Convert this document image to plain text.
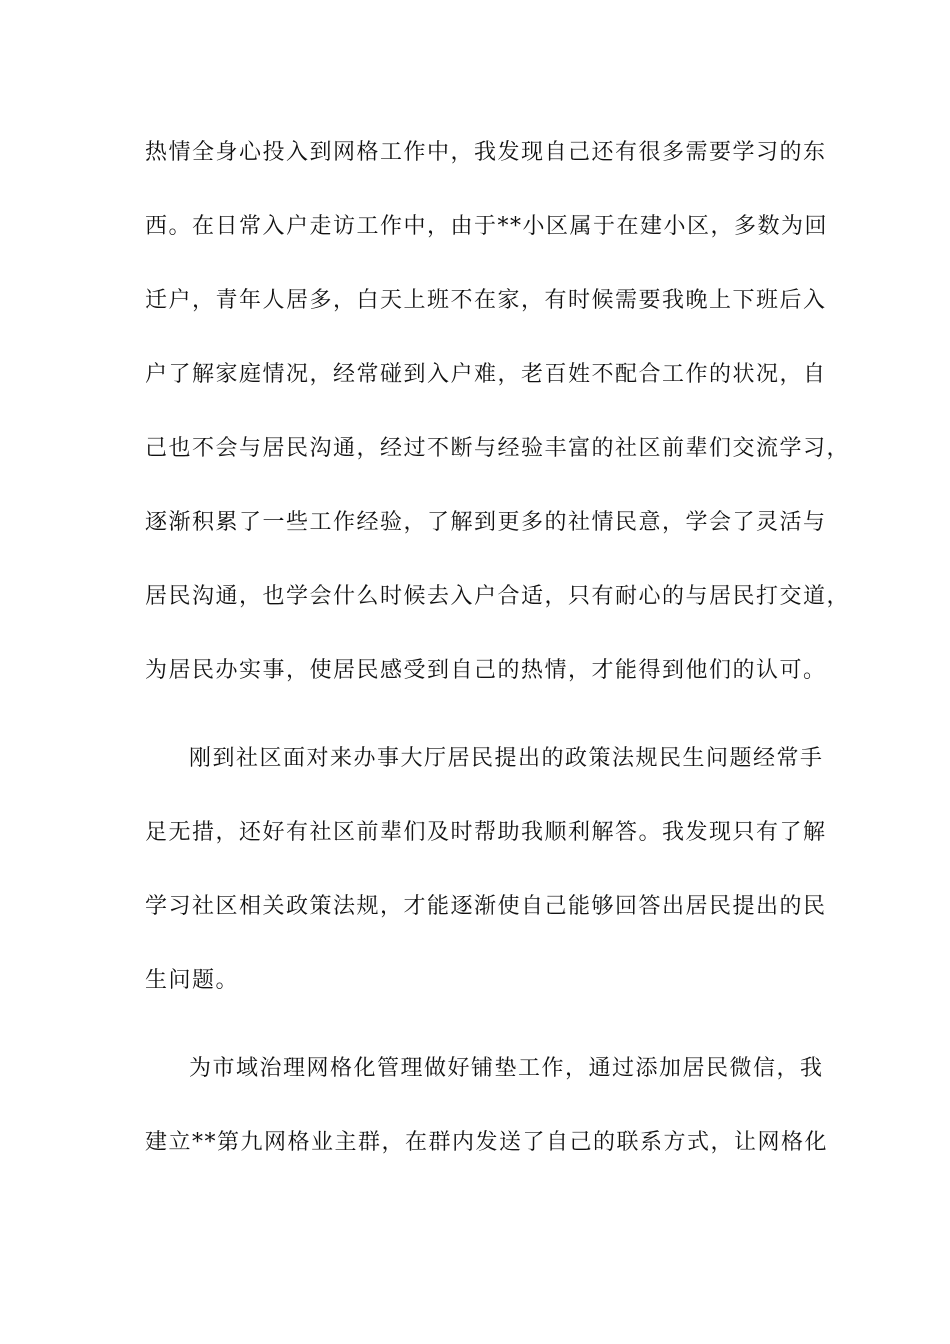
热情全身心投入到网格工作中，我发现自己还有很多需要学习的东
西。在日常入户走访工作中，由于**小区属于在建小区，多数为回
迁户，青年人居多，白天上班不在家，有时候需要我晚上下班后入
户了解家庭情况，经常碰到入户难，老百姓不配合工作的状况，自
己也不会与居民沟通，经过不断与经验丰富的社区前辈们交流学习，
逐渐积累了一些工作经验，了解到更多的社情民意，学会了灵活与
居民沟通，也学会什么时候去入户合适，只有耐心的与居民打交道，
为居民办实事，使居民感受到自己的热情，才能得到他们的认可。
刚到社区面对来办事大厅居民提出的政策法规民生问题经常手
足无措，还好有社区前辈们及时帮助我顺利解答。我发现只有了解
学习社区相关政策法规，才能逐渐使自己能够回答出居民提出的民
生问题。
为市域治理网格化管理做好铺垫工作，通过添加居民微信，我
建立**第九网格业主群，在群内发送了自己的联系方式，让网格化
